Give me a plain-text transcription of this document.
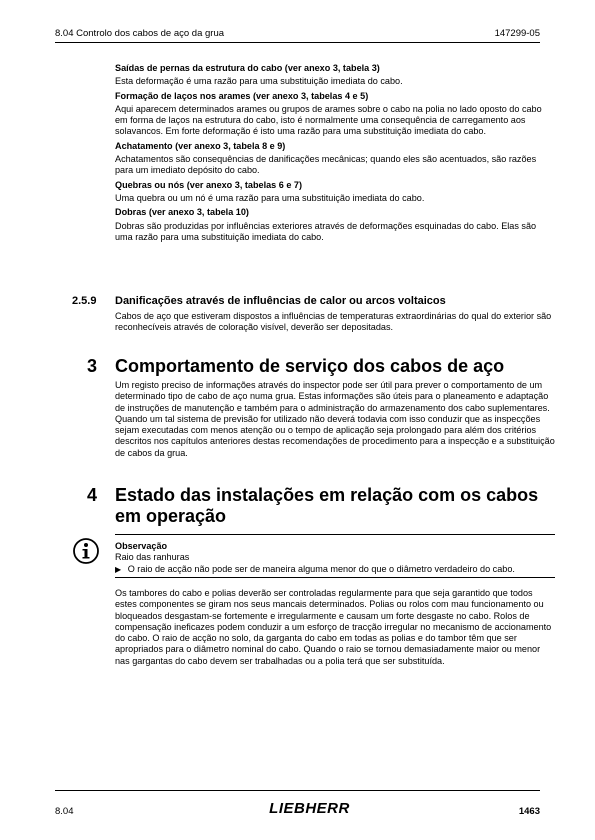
8.04 Controlo dos cabos de aço da grua	147299-05
Saídas de pernas da estrutura do cabo (ver anexo 3, tabela 3)
Esta deformação é uma razão para uma substituição imediata do cabo.
Formação de laços nos arames (ver anexo 3, tabelas 4 e 5)
Aqui aparecem determinados arames ou grupos de arames sobre o cabo na polia no lado oposto do cabo em forma de laços na estrutura do cabo, isto é normalmente uma consequência de carregamento aos solavancos. Em forte deformação é isto uma razão para uma substituição imediata do cabo.
Achatamento (ver anexo 3, tabela 8 e 9)
Achatamentos são consequências de danificações mecânicas; quando eles são acentuados, são razões para um imediato depósito do cabo.
Quebras ou nós (ver anexo 3, tabelas 6 e 7)
Uma quebra ou um nó é uma razão para uma substituição imediata do cabo.
Dobras (ver anexo 3, tabela 10)
Dobras são produzidas por influências exteriores através de deformações esquinadas do cabo. Elas são uma razão para uma substituição imediata do cabo.
2.5.9 Danificações através de influências de calor ou arcos voltaicos
Cabos de aço que estiveram dispostos a influências de temperaturas extraordinárias do qual do exterior são reconhecíveis através de coloração visível, deverão ser depositadas.
3 Comportamento de serviço dos cabos de aço
Um registo preciso de informações através do inspector pode ser útil para prever o comportamento de um determinado tipo de cabo de aço numa grua. Estas informações são úteis para o planeamento e adaptação de instruções de manutenção e também para o administração do armazenamento dos cabo suplementares. Quando um tal sistema de previsão for utilizado não deverá todavia com isso conduzir que as inspecções sejam executadas com menos atenção ou o tempo de aplicação seja prolongado para além dos critérios descritos nos capítulos anteriores destas recomendações de procedimento para a inspecção e a substituição de cabos da grua.
4 Estado das instalações em relação com os cabos em operação
Observação
Raio das ranhuras
▶ O raio de acção não pode ser de maneira alguma menor do que o diâmetro verdadeiro do cabo.
Os tambores do cabo e polias deverão ser controladas regularmente para que seja garantido que todos estes componentes se giram nos seus mancais determinados. Polias ou rolos com mau funcionamento ou bloqueados desgastam-se fortemente e irregularmente e causam um forte desgaste no cabo. Rolos de compensação ineficazes podem conduzir a um esforço de tracção irregular no mecanismo de accionamento do cabo. O raio de acção no solo, da garganta do cabo em todas as polias e do tambor têm que ser apropriados para o diâmetro nominal do cabo. Quando o raio se tornou demasiadamente maior ou menor nas gargantas do cabo devem ser trabalhadas ou a polia terá que ser substituída.
8.04	LIEBHERR	1463
